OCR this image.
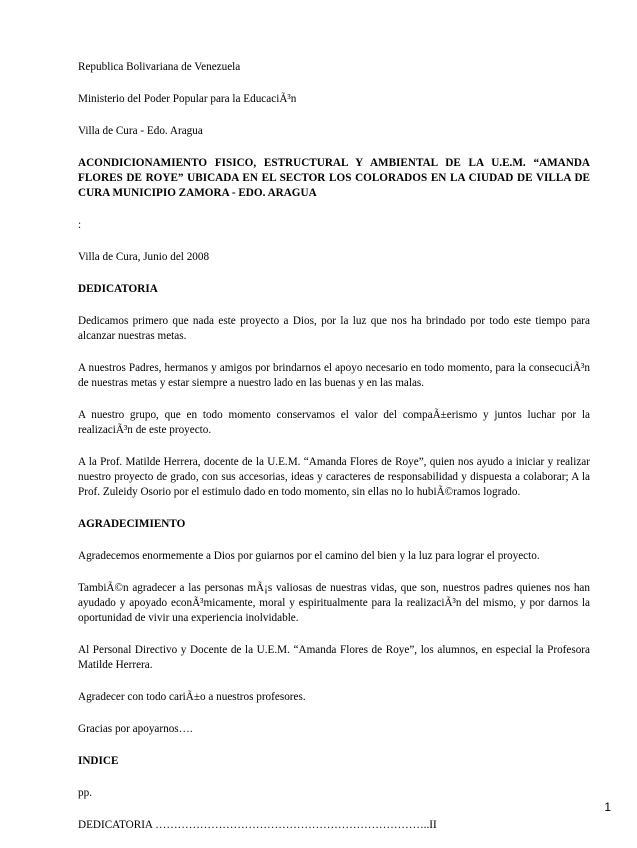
Republica Bolivariana de Venezuela

Ministerio del Poder Popular para la EducaciÃ³n

Villa de Cura - Edo. Aragua

ACONDICIONAMIENTO FISICO, ESTRUCTURAL Y AMBIENTAL DE LA U.E.M. “AMANDA FLORES DE ROYE” UBICADA EN EL SECTOR LOS COLORADOS EN LA CIUDAD DE VILLA DE CURA MUNICIPIO ZAMORA - EDO. ARAGUA

:

Villa de Cura, Junio del 2008

DEDICATORIA

Dedicamos primero que nada este proyecto a Dios, por la luz que nos ha brindado por todo este tiempo para alcanzar nuestras metas.

A nuestros Padres, hermanos y amigos por brindarnos el apoyo necesario en todo momento, para la consecuciÃ³n de nuestras metas y estar siempre a nuestro lado en las buenas y en las malas.

A nuestro grupo, que en todo momento conservamos el valor del compaÃ±erismo y juntos luchar por la realizaciÃ³n de este proyecto.

A la Prof. Matilde Herrera, docente de la U.E.M. “Amanda Flores de Roye”, quien nos ayudo a iniciar y realizar nuestro proyecto de grado, con sus accesorias, ideas y caracteres de responsabilidad y dispuesta a colaborar; A la Prof. Zuleidy Osorio por el estimulo dado en todo momento, sin ellas no lo hubiÃ©ramos logrado.

AGRADECIMIENTO

Agradecemos enormemente a Dios por guiarnos por el camino del bien y la luz para lograr el proyecto.

TambiÃ©n agradecer a las personas mÃ¡s valiosas de nuestras vidas, que son, nuestros padres quienes nos han ayudado y apoyado econÃ³micamente, moral y espiritualmente para la realizaciÃ³n del mismo, y por darnos la oportunidad de vivir una experiencia inolvidable.

Al Personal Directivo y Docente de la U.E.M. “Amanda Flores de Roye”, los alumnos, en especial la Profesora Matilde Herrera.

Agradecer con todo cariÃ±o a nuestros profesores.

Gracias por apoyarnos….

INDICE

pp.

DEDICATORIA ………………………………………………………………..II

1
